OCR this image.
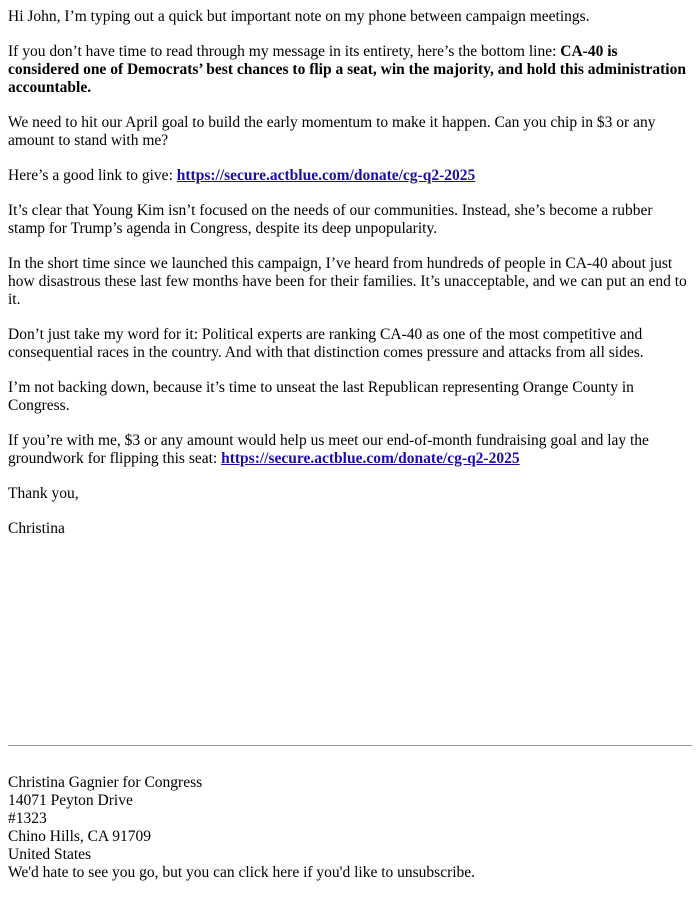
Hi John, I’m typing out a quick but important note on my phone between campaign meetings.

If you don’t have time to read through my message in its entirety, here’s the bottom line: CA-40 is considered one of Democrats’ best chances to flip a seat, win the majority, and hold this administration accountable.

We need to hit our April goal to build the early momentum to make it happen. Can you chip in $3 or any amount to stand with me?

Here’s a good link to give: https://secure.actblue.com/donate/cg-q2-2025

It’s clear that Young Kim isn’t focused on the needs of our communities. Instead, she’s become a rubber stamp for Trump’s agenda in Congress, despite its deep unpopularity.

In the short time since we launched this campaign, I’ve heard from hundreds of people in CA-40 about just how disastrous these last few months have been for their families. It’s unacceptable, and we can put an end to it.

Don’t just take my word for it: Political experts are ranking CA-40 as one of the most competitive and consequential races in the country. And with that distinction comes pressure and attacks from all sides.

I’m not backing down, because it’s time to unseat the last Republican representing Orange County in Congress.

If you’re with me, $3 or any amount would help us meet our end-of-month fundraising goal and lay the groundwork for flipping this seat: https://secure.actblue.com/donate/cg-q2-2025

Thank you,

Christina

Christina Gagnier for Congress
14071 Peyton Drive
#1323
Chino Hills, CA 91709
United States
We'd hate to see you go, but you can click here if you'd like to unsubscribe.
